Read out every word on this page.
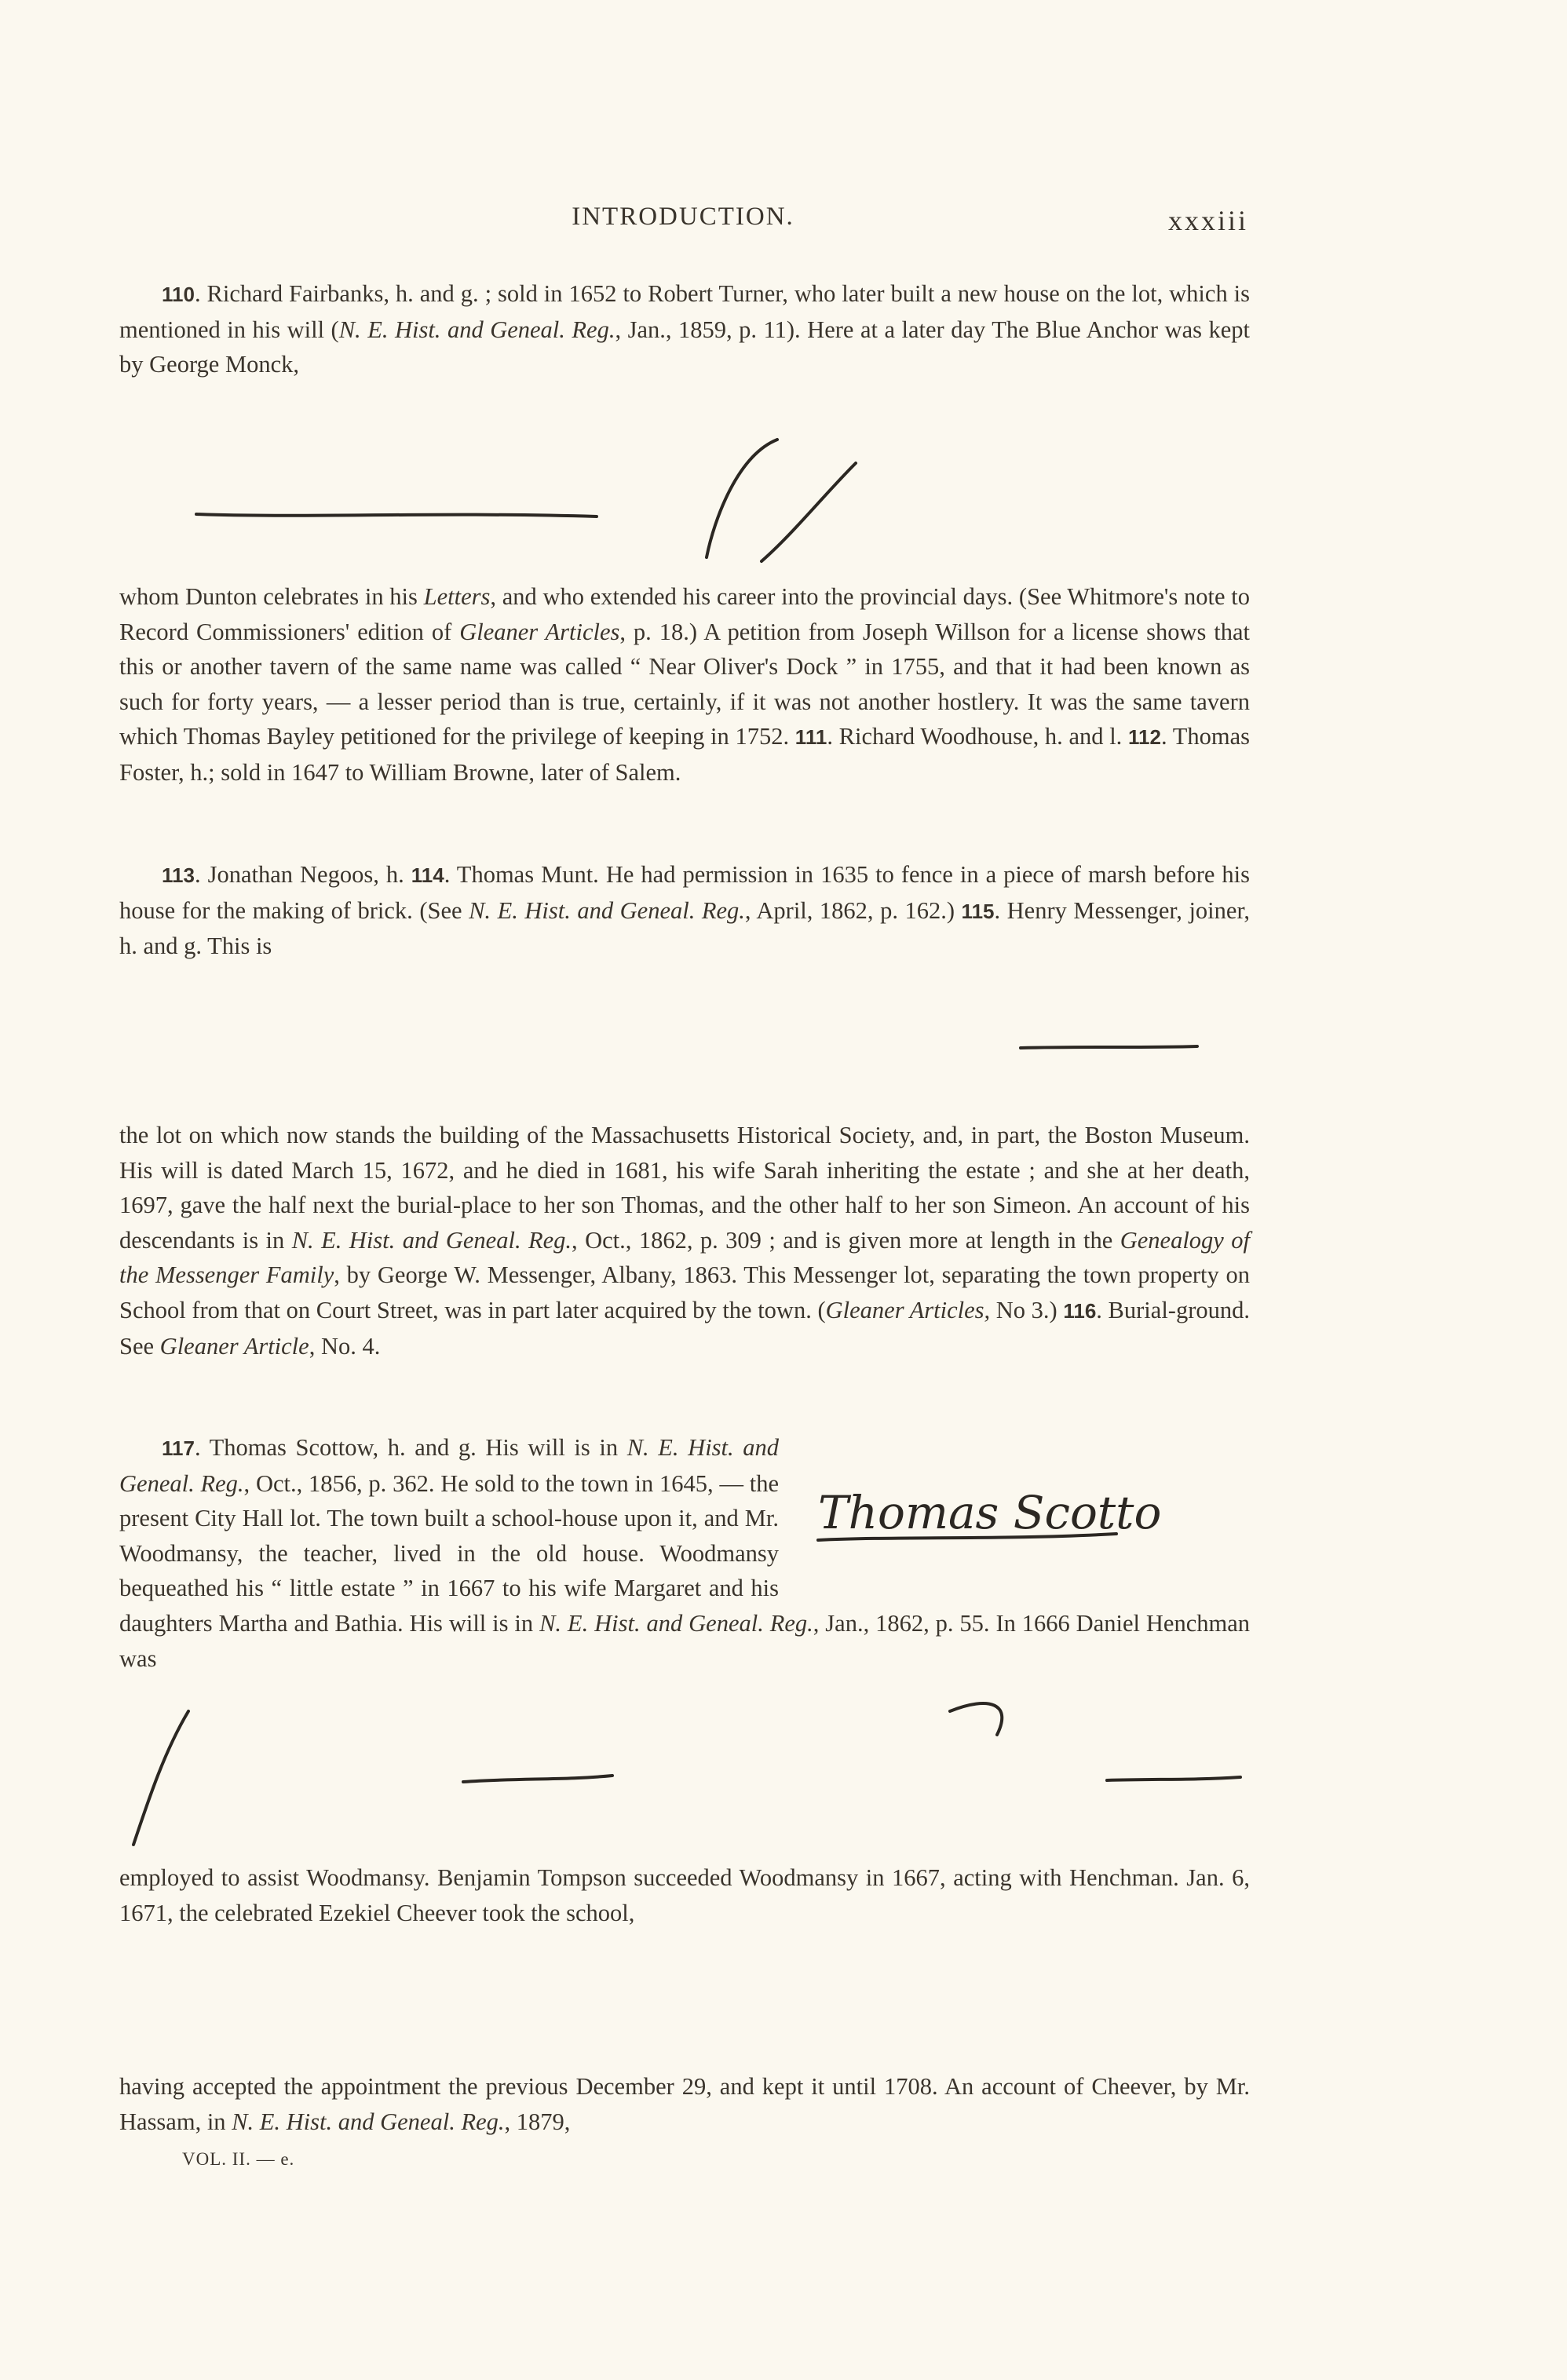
INTRODUCTION.	xxxiii

110. Richard Fairbanks, h. and g. ; sold in 1652 to Robert Turner, who later built a new house on the lot, which is mentioned in his will (N. E. Hist. and Geneal. Reg., Jan., 1859, p. 11). Here at a later day The Blue Anchor was kept by George Monck,

Robt Turnor.	George Monck

whom Dunton celebrates in his Letters, and who extended his career into the provincial days. (See Whitmore's note to Record Commissioners' edition of Gleaner Articles, p. 18.) A petition from Joseph Willson for a license shows that this or another tavern of the same name was called “ Near Oliver's Dock ” in 1755, and that it had been known as such for forty years, — a lesser period than is true, certainly, if it was not another hostlery. It was the same tavern which Thomas Bayley petitioned for the privilege of keeping in 1752. 111. Richard Woodhouse, h. and l. 112. Thomas Foster, h.; sold in 1647 to William Browne, later of Salem.

113. Jonathan Negoos, h. 114. Thomas Munt. He had permission in 1635 to fence in a piece of marsh before his house for the making of brick. (See N. E. Hist. and Geneal. Reg., April, 1862, p. 162.) 115. Henry Messenger, joiner, h. and g. This is

Jonathan Negus	Henry Messinger

the lot on which now stands the building of the Massachusetts Historical Society, and, in part, the Boston Museum. His will is dated March 15, 1672, and he died in 1681, his wife Sarah inheriting the estate ; and she at her death, 1697, gave the half next the burial-place to her son Thomas, and the other half to her son Simeon. An account of his descendants is in N. E. Hist. and Geneal. Reg., Oct., 1862, p. 309 ; and is given more at length in the Genealogy of the Messenger Family, by George W. Messenger, Albany, 1863. This Messenger lot, separating the town property on School from that on Court Street, was in part later acquired by the town. (Gleaner Articles, No 3.) 116. Burial-ground. See Gleaner Article, No. 4.

Thomas Scotto
117. Thomas Scottow, h. and g. His will is in N. E. Hist. and Geneal. Reg., Oct., 1856, p. 362. He sold to the town in 1645, — the present City Hall lot. The town built a school-house upon it, and Mr. Woodmansy, the teacher, lived in the old house. Woodmansy bequeathed his “ little estate ” in 1667 to his wife Margaret and his daughters Martha and Bathia. His will is in N. E. Hist. and Geneal. Reg., Jan., 1862, p. 55. In 1666 Daniel Henchman was

Jn Woodmansey Benj. Tompson

employed to assist Woodmansy. Benjamin Tompson succeeded Woodmansy in 1667, acting with Henchman. Jan. 6, 1671, the celebrated Ezekiel Cheever took the school,

Henchman.	Ezekiel Cheever

having accepted the appointment the previous December 29, and kept it until 1708. An account of Cheever, by Mr. Hassam, in N. E. Hist. and Geneal. Reg., 1879,

VOL. II. — e.
